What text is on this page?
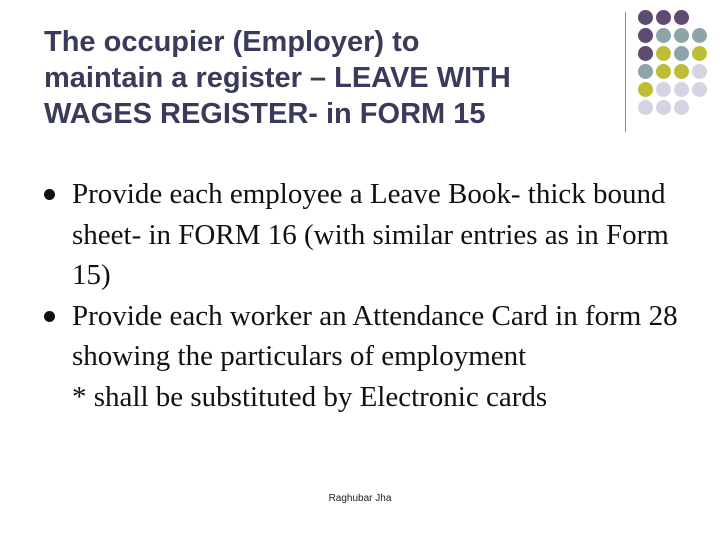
The occupier (Employer) to
maintain a register – LEAVE WITH
WAGES REGISTER- in FORM 15
Provide each employee a Leave Book- thick bound sheet- in FORM 16 (with similar entries as in Form 15)
Provide each worker an Attendance Card in form 28 showing the particulars of employment
* shall be substituted by Electronic cards
Raghubar Jha
